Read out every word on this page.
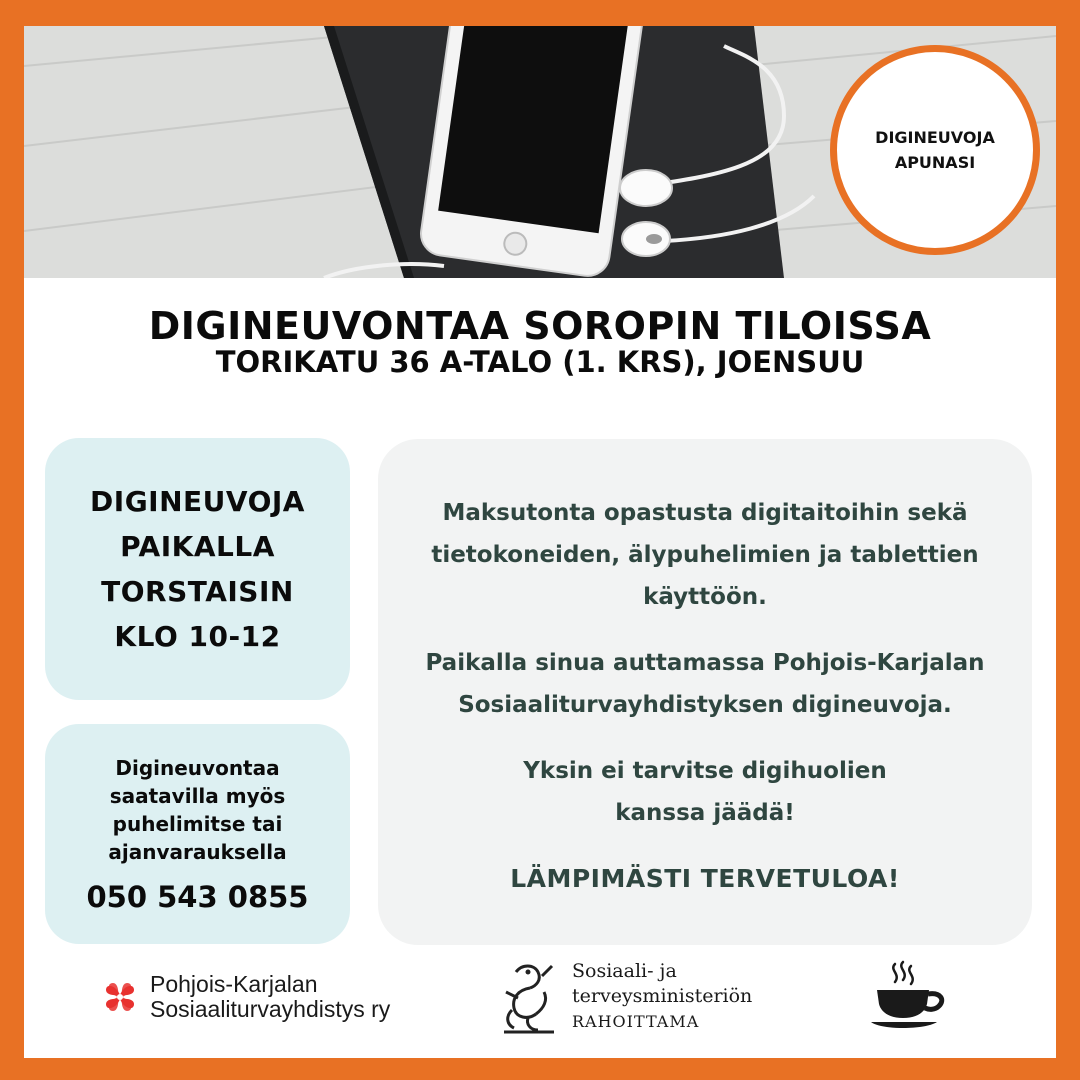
DIGINEUVOJA
APUNASI
DIGINEUVONTAA SOROPIN TILOISSA
TORIKATU 36 A-TALO (1. KRS), JOENSUU
DIGINEUVOJA
PAIKALLA
TORSTAISIN
KLO 10-12
Digineuvontaa
saatavilla myös
puhelimitse tai
ajanvarauksella
050 543 0855
Maksutonta opastusta digitaitoihin sekä
tietokoneiden, älypuhelimien ja tablettien
käyttöön.
Paikalla sinua auttamassa Pohjois-Karjalan
Sosiaaliturvayhdistyksen digineuvoja.
Yksin ei tarvitse digihuolien
kanssa jäädä!
LÄMPIMÄSTI TERVETULOA!
Pohjois-Karjalan
Sosiaaliturvayhdistys ry
Sosiaali- ja
terveysministeriön
RAHOITTAMA
